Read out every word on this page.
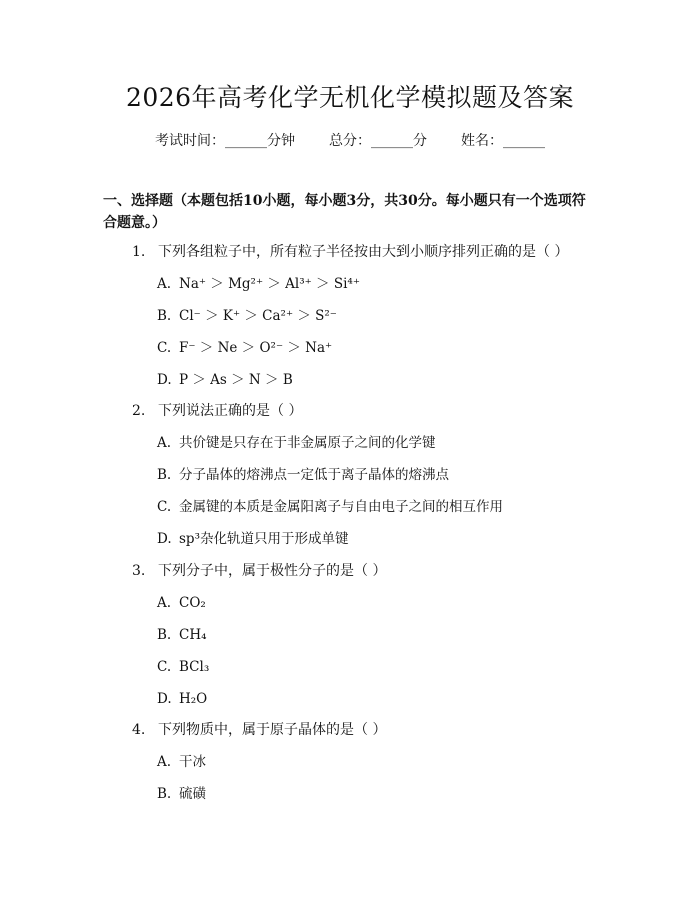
2026年高考化学无机化学模拟题及答案
考试时间：______分钟 总分：______分 姓名：______
一、选择题（本题包括10小题，每小题3分，共30分。每小题只有一个选项符合题意。）
1. 下列各组粒子中，所有粒子半径按由大到小顺序排列正确的是（ ）
A. Na⁺ ＞ Mg²⁺ ＞ Al³⁺ ＞ Si⁴⁺
B. Cl⁻ ＞ K⁺ ＞ Ca²⁺ ＞ S²⁻
C. F⁻ ＞ Ne ＞ O²⁻ ＞ Na⁺
D. P ＞ As ＞ N ＞ B
2. 下列说法正确的是（ ）
A. 共价键是只存在于非金属原子之间的化学键
B. 分子晶体的熔沸点一定低于离子晶体的熔沸点
C. 金属键的本质是金属阳离子与自由电子之间的相互作用
D. sp³杂化轨道只用于形成单键
3. 下列分子中，属于极性分子的是（ ）
A. CO₂
B. CH₄
C. BCl₃
D. H₂O
4. 下列物质中，属于原子晶体的是（ ）
A. 干冰
B. 硫磺
